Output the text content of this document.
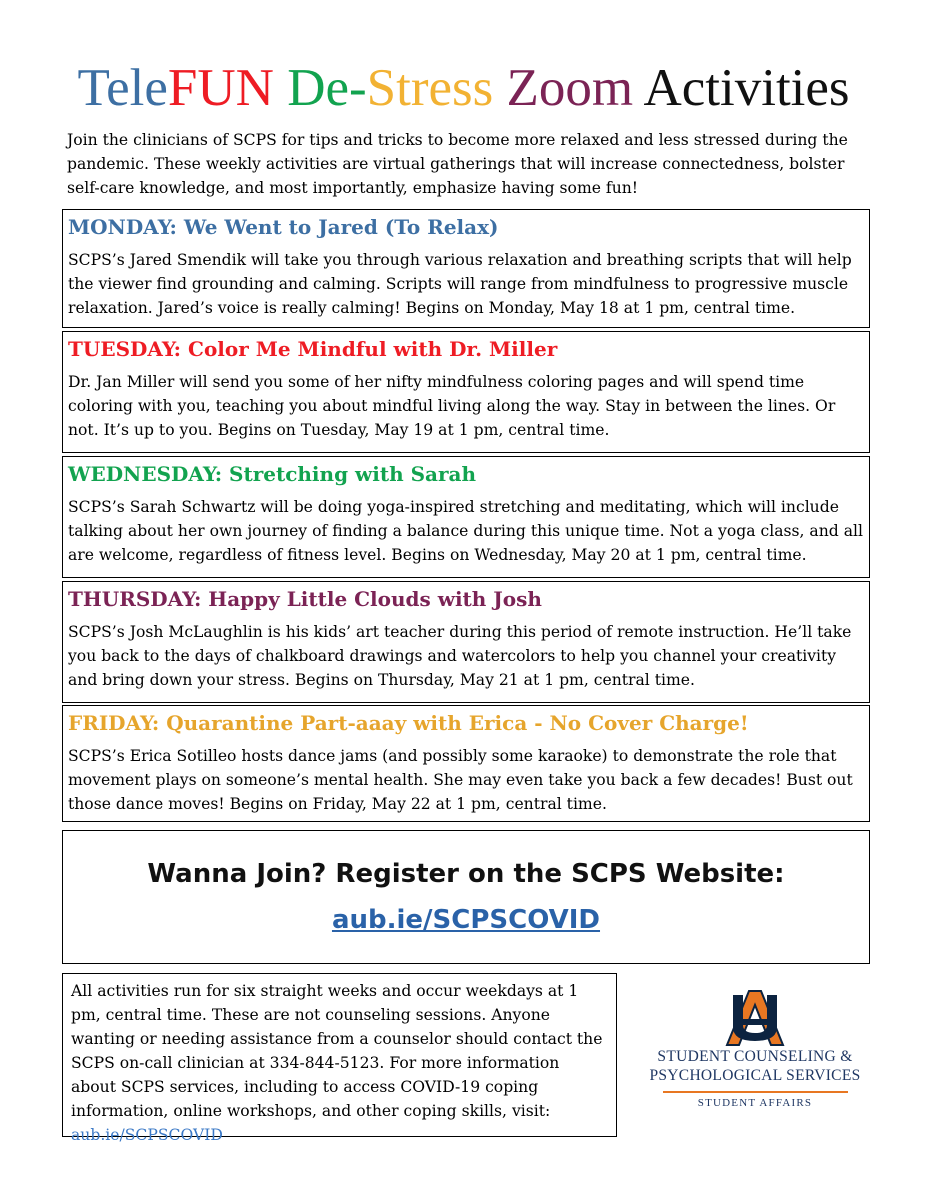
TeleFUN De-Stress Zoom Activities
Join the clinicians of SCPS for tips and tricks to become more relaxed and less stressed during the pandemic. These weekly activities are virtual gatherings that will increase connectedness, bolster self-care knowledge, and most importantly, emphasize having some fun!
MONDAY: We Went to Jared (To Relax)
SCPS’s Jared Smendik will take you through various relaxation and breathing scripts that will help the viewer find grounding and calming. Scripts will range from mindfulness to progressive muscle relaxation. Jared’s voice is really calming! Begins on Monday, May 18 at 1 pm, central time.
TUESDAY: Color Me Mindful with Dr. Miller
Dr. Jan Miller will send you some of her nifty mindfulness coloring pages and will spend time coloring with you, teaching you about mindful living along the way. Stay in between the lines. Or not. It’s up to you. Begins on Tuesday, May 19 at 1 pm, central time.
WEDNESDAY: Stretching with Sarah
SCPS’s Sarah Schwartz will be doing yoga-inspired stretching and meditating, which will include talking about her own journey of finding a balance during this unique time. Not a yoga class, and all are welcome, regardless of fitness level. Begins on Wednesday, May 20 at 1 pm, central time.
THURSDAY: Happy Little Clouds with Josh
SCPS’s Josh McLaughlin is his kids’ art teacher during this period of remote instruction. He’ll take you back to the days of chalkboard drawings and watercolors to help you channel your creativity and bring down your stress. Begins on Thursday, May 21 at 1 pm, central time.
FRIDAY: Quarantine Part-aaay with Erica - No Cover Charge!
SCPS’s Erica Sotilleo hosts dance jams (and possibly some karaoke) to demonstrate the role that movement plays on someone’s mental health. She may even take you back a few decades! Bust out those dance moves! Begins on Friday, May 22 at 1 pm, central time.
Wanna Join? Register on the SCPS Website:
aub.ie/SCPSCOVID
All activities run for six straight weeks and occur weekdays at 1 pm, central time. These are not counseling sessions. Anyone wanting or needing assistance from a counselor should contact the SCPS on-call clinician at 334-844-5123. For more information about SCPS services, including to access COVID-19 coping information, online workshops, and other coping skills, visit: aub.ie/SCPSCOVID
STUDENT COUNSELING &
PSYCHOLOGICAL SERVICES
STUDENT AFFAIRS
